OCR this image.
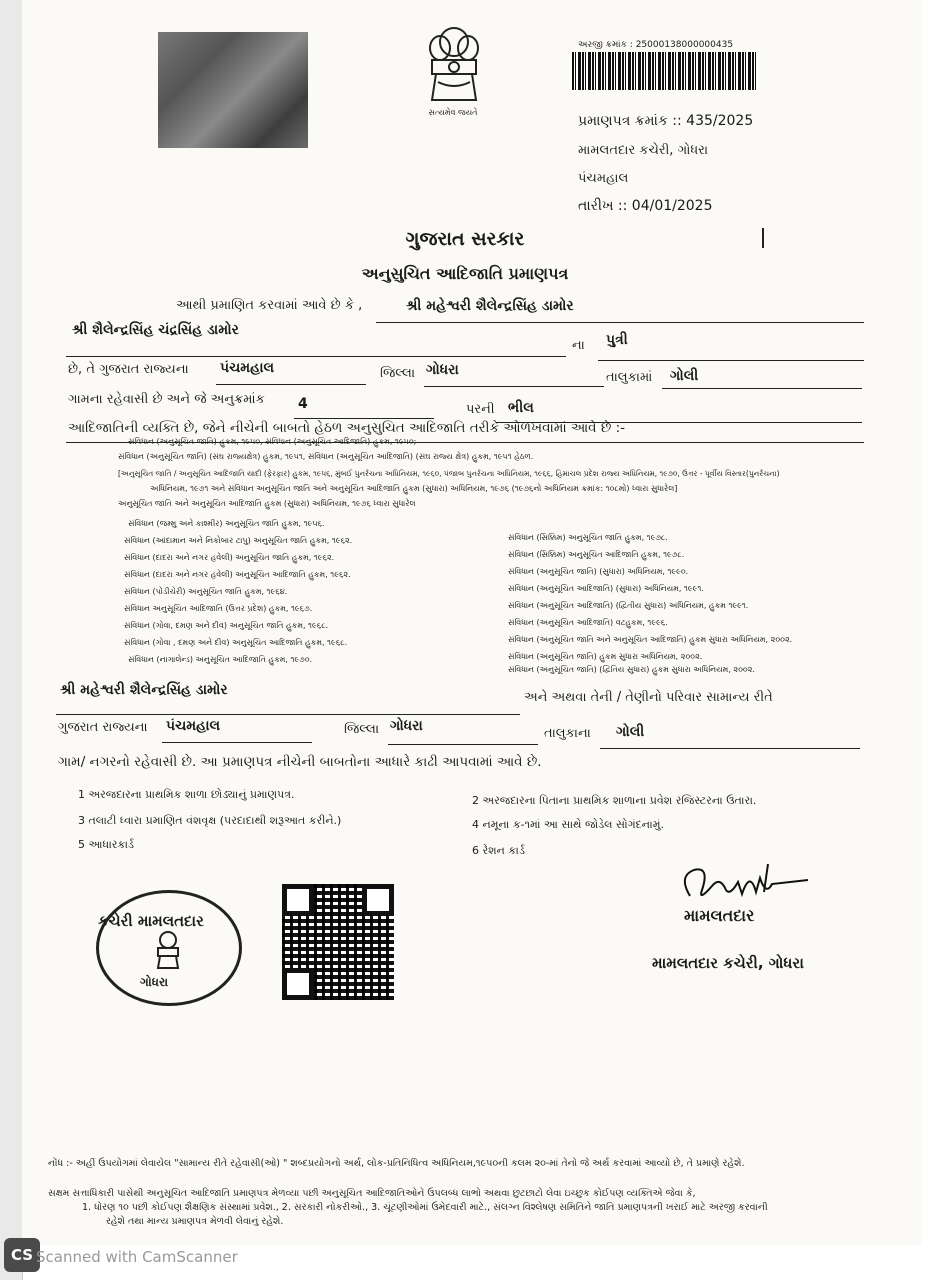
સત્યમેવ જયતે
અરજી ક્રમાંક : 25000138000000435
પ્રમાણપત્ર ક્રમાંક :: 435/2025
મામલતદાર કચેરી, ગોધરા
પંચમહાલ
તારીખ :: 04/01/2025
ગુજરાત સરકાર
અનુસુચિત આદિજાતિ પ્રમાણપત્ર
આથી પ્રમાણિત કરવામાં આવે છે કે ,	શ્રી મહેશ્વરી શૈલેન્દ્રસિંહ ડામોર
શ્રી શૈલેન્દ્રસિંહ ચંદ્રસિંહ ડામોર
ના પુત્રી
છે, તે ગુજરાત રાજ્યના પંચમહાલ	જિલ્લા ગોધરા	તાલુકામાં ગોલી
ગામના રહેવાસી છે અને જે અનુક્રમાંક 4	પરની ભીલ
આદિજાતિની વ્યક્તિ છે, જેને નીચેની બાબતો હેઠળ અનુસુચિત આદિજાતિ તરીકે ઓળખવામાં આવે છે :-
સંવિધાન (અનુસૂચિત જાતિ) હુકમ, ૧૯૫૦, સંવિધાન (અનુસૂચિત આદિજાતિ) હુકમ, ૧૯૫૦;
સંવિધાન (અનુસૂચિત જાતિ) (સંઘ રાજ્યક્ષેત્ર) હુકમ, ૧૯૫૧, સંવિધાન (અનુસૂચિત આદિજાતિ) (સંઘ રાજ્ય ક્ષેત્ર) હુકમ, ૧૯૫૧ હેઠળ.
[અનુસૂચિત જાતિ / અનુસૂચિત આદિજાતિ યાદી (ફેરફાર) હુકમ, ૧૯૫૬, મુંબઈ પુનર્રચના અધિનિયમ, ૧૯૬૦, પંજાબ પુનર્રચના અધિનિયમ, ૧૯૬૬, હિમાચલ પ્રદેશ રાજ્ય અધિનિયમ, ૧૯૭૦, ઉત્તર - પૂર્વીય વિસ્તાર(પુનર્રચના)
અધિનિયમ, ૧૯૭૧ અને સંવિધાન અનુસૂચિત જાતિ અને અનુસૂચિત આદિજાતિ હુકમ (સુધારા) અધિનિયમ, ૧૯૭૬ (૧૯૭૬નો અધિનિયમ ક્રમાંક: ૧૦૮મો) ધ્વારા સુધારેલ]
અનુસૂચિત જાતિ અને અનુસૂચિત આદિજાતિ હુકમ (સુધારા) અધિનિયમ, ૧૯૭૬ ધ્વારા સુધારેલ
સંવિધાન (જમ્મુ અને કાશ્મીર) અનુસૂચિત જાતિ હુકમ, ૧૯૫૬.
સંવિધાન (આંદામાન અને નિકોબાર ટાપુ) અનુસૂચિત જાતિ હુકમ, ૧૯૬૨.
સંવિધાન (દાદરા અને નગર હવેલી) અનુસૂચિત જાતિ હુકમ, ૧૯૬૨.
સંવિધાન (દાદરા અને નગર હવેલી) અનુસૂચિત આદિજાતિ હુકમ, ૧૯૬૨.
સંવિધાન (પોંડીચેરી) અનુસૂચિત જાતિ હુકમ, ૧૯૬૪.
સંવિધાન અનુસૂચિત આદિજાતિ (ઉત્તર પ્રદેશ) હુકમ, ૧૯૬૭.
સંવિધાન (ગોવા, દમણ અને દીવ) અનુસૂચિત જાતિ હુકમ, ૧૯૬૮.
સંવિધાન (ગોવા , દમણ અને દીવ) અનુસૂચિત આદિજાતિ હુકમ, ૧૯૬૮.
સંવિધાન (નાગાલેન્ડ) અનુસૂચિત આદિજાતિ હુકમ, ૧૯૭૦.
સંવિધાન (સિક્કિમ) અનુસૂચિત જાતિ હુકમ, ૧૯૭૮.
સંવિધાન (સિક્કિમ) અનુસૂચિત આદિજાતિ હુકમ, ૧૯૭૮.
સંવિધાન (અનુસૂચિત જાતિ) (સુધારા) અધિનિયમ, ૧૯૯૦.
સંવિધાન (અનુસૂચિત આદિજાતિ) (સુધારા) અધિનિયમ, ૧૯૯૧.
સંવિધાન (અનુસૂચિત આદિજાતિ) (દ્વિતીય સુધારા) અધિનિયમ, હુકમ ૧૯૯૧.
સંવિધાન (અનુસૂચિત આદિજાતિ) વટહુકમ, ૧૯૯૬.
સંવિધાન (અનુસૂચિત જાતિ અને અનુસૂચિત આદિજાતિ) હુકમ સુધારા અધિનિયમ, ૨૦૦૨.
સંવિધાન (અનુસૂચિત જાતિ) હુકમ સુધારા અધિનિયમ, ૨૦૦૨.
સંવિધાન (અનુસૂચિત જાતિ) (દ્વિતિય સુધારા) હુકમ સુધારા અધિનિયમ, ૨૦૦૨.
શ્રી મહેશ્વરી શૈલેન્દ્રસિંહ ડામોર	અને અથવા તેની / તેણીનો પરિવાર સામાન્ય રીતે
ગુજરાત રાજ્યના પંચમહાલ	જિલ્લા ગોધરા	તાલુકાના ગોલી
ગામ/ નગરનો રહેવાસી છે. આ પ્રમાણપત્ર નીચેની બાબતોના આધારે કાઢી આપવામાં આવે છે.
1 અરજદારના પ્રાથમિક શાળા છોડ્યાનું પ્રમાણપત્ર.	2 અરજદારના પિતાના પ્રાથમિક શાળાના પ્રવેશ રજિસ્ટરના ઉતારા.
3 તલાટી ધ્વારા પ્રમાણિત વંશવૃક્ષ (પરદાદાથી શરૂઆત કરીને.)	4 નમૂના ક-૧માં આ સાથે જોડેલ સોગંદનામું.
5 આધારકાર્ડ	6 રેશન કાર્ડ
કચેરી મામલતદાર
ગોધરા
મામલતદાર
મામલતદાર કચેરી, ગોધરા
નોંધ :- અહીં ઉપયોગમાં લેવાયેલ "સામાન્ય રીતે રહેવાસી(ઓ) " શબ્દપ્રયોગનો અર્થ, લોક-પ્રતિનિધિત્વ અધિનિયમ,૧૯૫૦ની કલમ ૨૦-માં તેનો જે અર્થ કરવામાં આવ્યો છે, તે પ્રમાણે રહેશે.
સક્ષમ સત્તાધિકારી પાસેથી અનુસૂચિત આદિજાતિ પ્રમાણપત્ર મેળવ્યા પછી અનુસૂચિત આદિજાતિઓને ઉપલબ્ધ લાભો અથવા છુટછાટો લેવા ઇચ્છુક કોઈપણ વ્યક્તિએ જેવા કે,
1. ધોરણ ૧૦ પછી કોઈપણ શૈક્ષણિક સંસ્થામાં પ્રવેશ., 2. સરકારી નોકરીઓ., 3. ચૂંટણીઓમાં ઉમેદવારી માટે., સંલગ્ન વિશ્લેષણ સમિતિને જાતિ પ્રમાણપત્રની ખરાઈ માટે અરજી કરવાની
રહેશે તથા માન્ય પ્રમાણપત્ર મેળવી લેવાનું રહેશે.
CS Scanned with CamScanner
